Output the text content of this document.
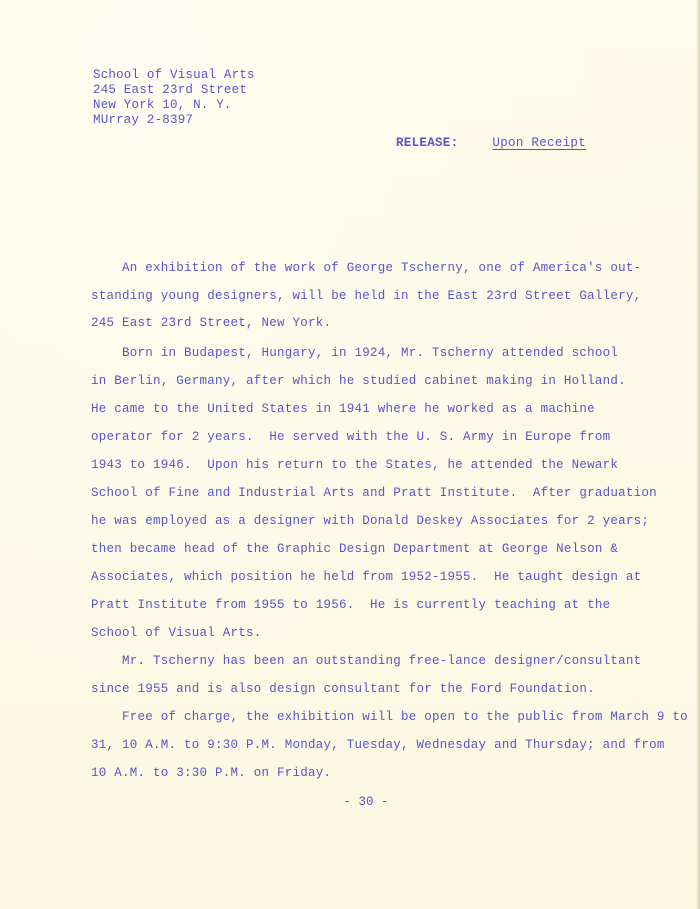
School of Visual Arts
245 East 23rd Street
New York 10, N. Y.
MUrray 2-8397
RELEASE:	Upon Receipt
An exhibition of the work of George Tscherny, one of America's out-
standing young designers, will be held in the East 23rd Street Gallery,
245 East 23rd Street, New York.
Born in Budapest, Hungary, in 1924, Mr. Tscherny attended school
in Berlin, Germany, after which he studied cabinet making in Holland.
He came to the United States in 1941 where he worked as a machine
operator for 2 years.  He served with the U. S. Army in Europe from
1943 to 1946.  Upon his return to the States, he attended the Newark
School of Fine and Industrial Arts and Pratt Institute.  After graduation
he was employed as a designer with Donald Deskey Associates for 2 years;
then became head of the Graphic Design Department at George Nelson &
Associates, which position he held from 1952-1955.  He taught design at
Pratt Institute from 1955 to 1956.  He is currently teaching at the
School of Visual Arts.
Mr. Tscherny has been an outstanding free-lance designer/consultant
since 1955 and is also design consultant for the Ford Foundation.
Free of charge, the exhibition will be open to the public from March 9 to
31, 10 A.M. to 9:30 P.M. Monday, Tuesday, Wednesday and Thursday; and from
10 A.M. to 3:30 P.M. on Friday.
- 30 -
